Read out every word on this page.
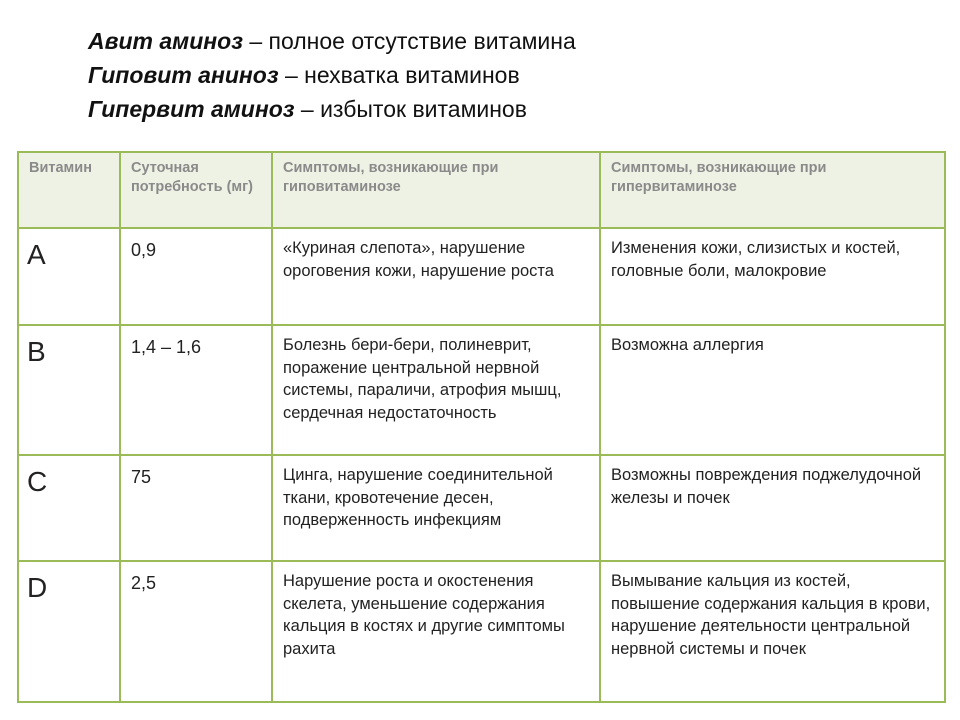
Авит аминоз – полное отсутствие витамина
Гиповит аниноз – нехватка витаминов
Гипервит аминоз – избыток витаминов
Витамин	Суточная потребность (мг)	Симптомы, возникающие при гиповитаминозе	Симптомы, возникающие при гипервитаминозе
A	0,9	«Куриная слепота», нарушение ороговения кожи, нарушение роста	Изменения кожи, слизистых и костей, головные боли, малокровие
B	1,4 – 1,6	Болезнь бери-бери, полиневрит, поражение центральной нервной системы, параличи, атрофия мышц, сердечная недостаточность	Возможна аллергия
C	75	Цинга, нарушение соединительной ткани, кровотечение десен, подверженность инфекциям	Возможны повреждения поджелудочной железы и почек
D	2,5	Нарушение роста и окостенения скелета, уменьшение содержания кальция в костях и другие симптомы рахита	Вымывание кальция из костей, повышение содержания кальция в крови, нарушение деятельности центральной нервной системы и почек
